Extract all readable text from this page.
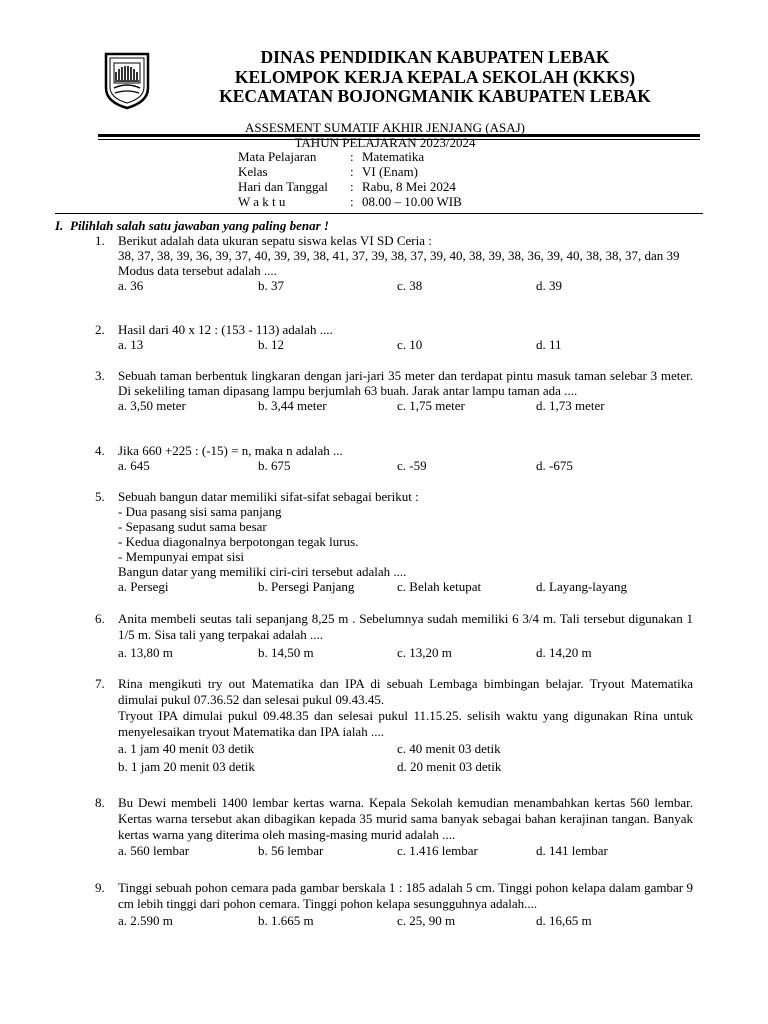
DINAS PENDIDIKAN KABUPATEN LEBAK
KELOMPOK KERJA KEPALA SEKOLAH (KKKS)
KECAMATAN BOJONGMANIK KABUPATEN LEBAK
ASSESMENT SUMATIF AKHIR JENJANG (ASAJ)
TAHUN PELAJARAN 2023/2024
Mata Pelajaran	: Matematika
Kelas	: VI (Enam)
Hari dan Tanggal : Rabu, 8 Mei 2024
W a k t u	: 08.00 – 10.00 WIB
I. Pilihlah salah satu jawaban yang paling benar !
1.	Berikut adalah data ukuran sepatu siswa kelas VI SD Ceria :

38, 37, 38, 39, 36, 39, 37, 40, 39, 39, 38, 41, 37, 39, 38, 37, 39, 40, 38, 39, 38, 36, 39, 40, 38, 38, 37, dan 39

Modus data tersebut adalah ....

a. 36	b. 37	c. 38	d. 39
2.	Hasil dari 40 x 12 : (153 - 113) adalah ....

a. 13	b. 12	c. 10	d. 11
3.	Sebuah taman berbentuk lingkaran dengan jari-jari 35 meter dan terdapat pintu masuk taman selebar 3 meter. Di sekeliling taman dipasang lampu berjumlah 63 buah. Jarak antar lampu taman ada ....

a. 3,50 meter	b. 3,44 meter	c. 1,75 meter	d. 1,73 meter
4.	Jika 660 +225 : (-15) = n, maka n adalah ...

a. 645	b. 675	c. -59	d. -675
5.	Sebuah bangun datar memiliki sifat-sifat sebagai berikut :

- Dua pasang sisi sama panjang

- Sepasang sudut sama besar

- Kedua diagonalnya berpotongan tegak lurus.

- Mempunyai empat sisi

Bangun datar yang memiliki ciri-ciri tersebut adalah ....

a. Persegi	b. Persegi Panjang	c. Belah ketupat	d. Layang-layang
6.	Anita membeli seutas tali sepanjang 8,25 m . Sebelumnya sudah memiliki 6 3/4 m. Tali tersebut digunakan 1 1/5 m. Sisa tali yang terpakai adalah ....

a. 13,80 m	b. 14,50 m	c. 13,20 m	d. 14,20 m
7.	Rina mengikuti try out Matematika dan IPA di sebuah Lembaga bimbingan belajar. Tryout Matematika dimulai pukul 07.36.52 dan selesai pukul 09.43.45.

Tryout IPA dimulai pukul 09.48.35 dan selesai pukul 11.15.25. selisih waktu yang digunakan Rina untuk menyelesaikan tryout Matematika dan IPA ialah ....

a. 1 jam 40 menit 03 detik	c. 40 menit 03 detik
b. 1 jam 20 menit 03 detik	d. 20 menit 03 detik
8.	Bu Dewi membeli 1400 lembar kertas warna. Kepala Sekolah kemudian menambahkan kertas 560 lembar. Kertas warna tersebut akan dibagikan kepada 35 murid sama banyak sebagai bahan kerajinan tangan. Banyak kertas warna yang diterima oleh masing-masing murid adalah ....

a. 560 lembar	b. 56 lembar	c. 1.416 lembar	d. 141 lembar
9.	Tinggi sebuah pohon cemara pada gambar berskala 1 : 185 adalah 5 cm. Tinggi pohon kelapa dalam gambar 9 cm lebih tinggi dari pohon cemara. Tinggi pohon kelapa sesungguhnya adalah....

a. 2.590 m	b. 1.665 m	c. 25, 90 m	d. 16,65 m
